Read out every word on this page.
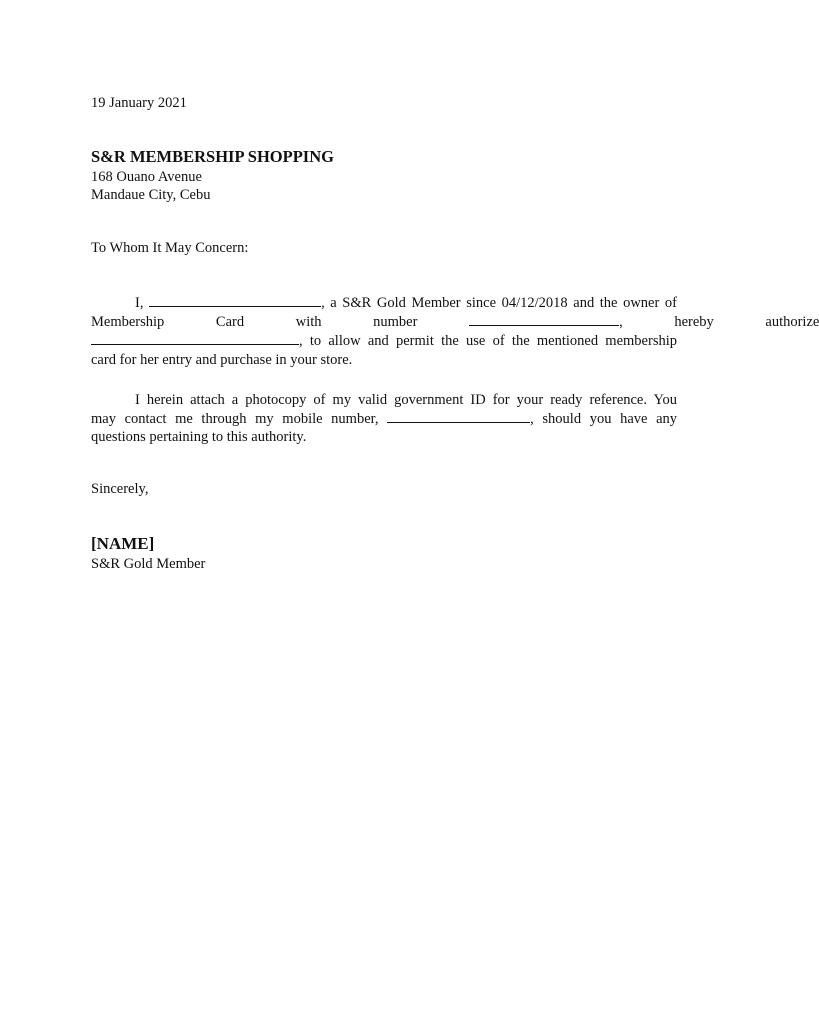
19 January 2021
S&R MEMBERSHIP SHOPPING
168 Ouano Avenue
Mandaue City, Cebu
To Whom It May Concern:
I,	, a S&R Gold Member since 04/12/2018 and the owner of
Membership Card with number	, hereby authorize
, to allow and permit the use of the mentioned membership
card for her entry and purchase in your store.
I herein attach a photocopy of my valid government ID for your ready reference. You
may contact me through my mobile number,	, should you have any
questions pertaining to this authority.
Sincerely,
[NAME]
S&R Gold Member
